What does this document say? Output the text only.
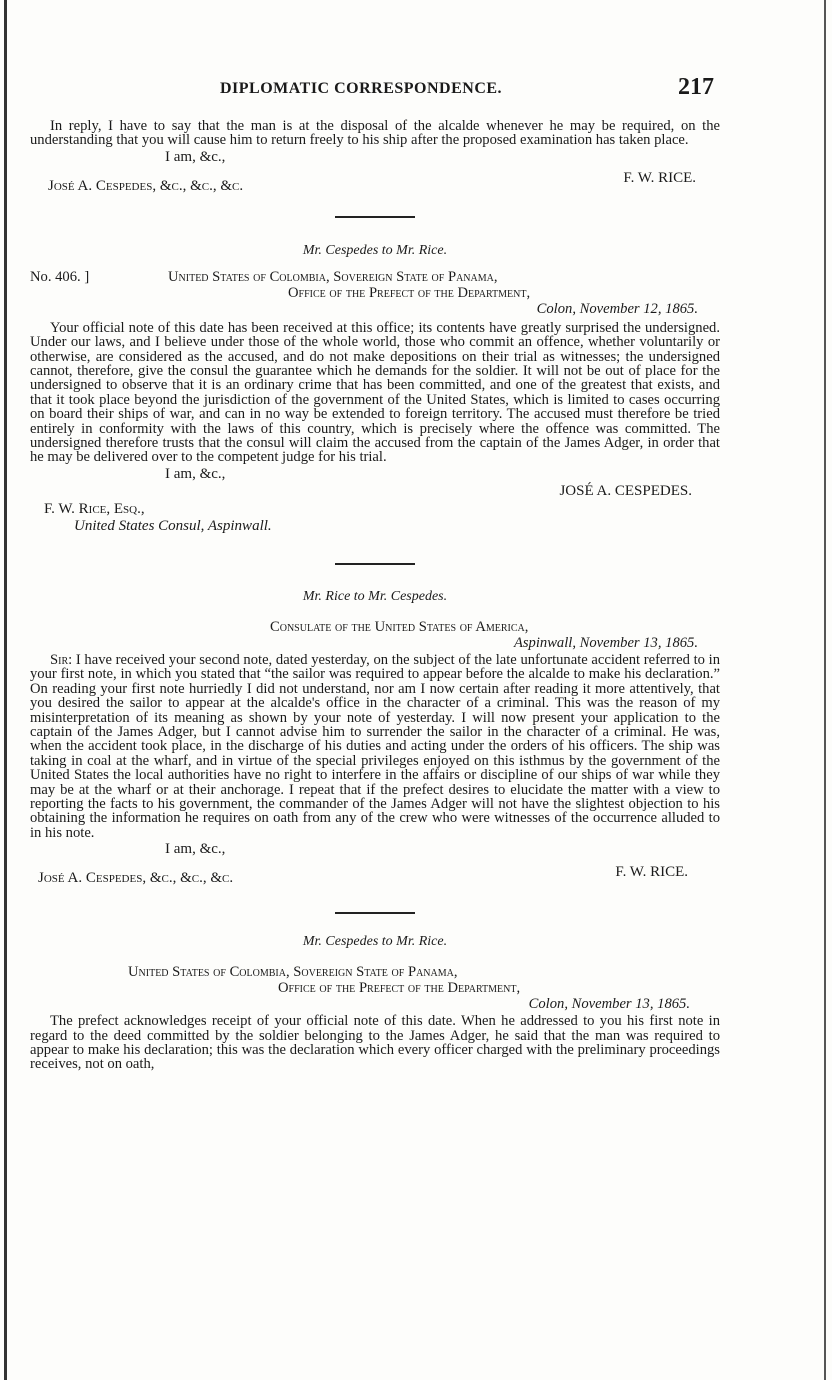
DIPLOMATIC CORRESPONDENCE.	217

In reply, I have to say that the man is at the disposal of the alcalde whenever he may be required, on the understanding that you will cause him to return freely to his ship after the proposed examination has taken place.

I am, &c.,

José A. Cespedes, &c., &c., &c.	F. W. RICE.

Mr. Cespedes to Mr. Rice.

No. 406. ]	United States of Colombia, Sovereign State of Panama,

Office of the Prefect of the Department,

Colon, November 12, 1865.

Your official note of this date has been received at this office; its contents have greatly surprised the undersigned. Under our laws, and I believe under those of the whole world, those who commit an offence, whether voluntarily or otherwise, are considered as the accused, and do not make depositions on their trial as witnesses; the undersigned cannot, therefore, give the consul the guarantee which he demands for the soldier. It will not be out of place for the undersigned to observe that it is an ordinary crime that has been committed, and one of the greatest that exists, and that it took place beyond the jurisdiction of the government of the United States, which is limited to cases occurring on board their ships of war, and can in no way be extended to foreign territory. The accused must therefore be tried entirely in conformity with the laws of this country, which is precisely where the offence was committed. The undersigned therefore trusts that the consul will claim the accused from the captain of the James Adger, in order that he may be delivered over to the competent judge for his trial.

I am, &c.,

JOSÉ A. CESPEDES.

F. W. Rice, Esq.,

United States Consul, Aspinwall.

Mr. Rice to Mr. Cespedes.

Consulate of the United States of America,

Aspinwall, November 13, 1865.

Sir: I have received your second note, dated yesterday, on the subject of the late unfortunate accident referred to in your first note, in which you stated that “the sailor was required to appear before the alcalde to make his declaration.” On reading your first note hurriedly I did not understand, nor am I now certain after reading it more attentively, that you desired the sailor to appear at the alcalde's office in the character of a criminal. This was the reason of my misinterpretation of its meaning as shown by your note of yesterday. I will now present your application to the captain of the James Adger, but I cannot advise him to surrender the sailor in the character of a criminal. He was, when the accident took place, in the discharge of his duties and acting under the orders of his officers. The ship was taking in coal at the wharf, and in virtue of the special privileges enjoyed on this isthmus by the government of the United States the local authorities have no right to interfere in the affairs or discipline of our ships of war while they may be at the wharf or at their anchorage. I repeat that if the prefect desires to elucidate the matter with a view to reporting the facts to his government, the commander of the James Adger will not have the slightest objection to his obtaining the information he requires on oath from any of the crew who were witnesses of the occurrence alluded to in his note.

I am, &c.,

José A. Cespedes, &c., &c., &c.	F. W. RICE.

Mr. Cespedes to Mr. Rice.

United States of Colombia, Sovereign State of Panama,

Office of the Prefect of the Department,

Colon, November 13, 1865.

The prefect acknowledges receipt of your official note of this date. When he addressed to you his first note in regard to the deed committed by the soldier belonging to the James Adger, he said that the man was required to appear to make his declaration; this was the declaration which every officer charged with the preliminary proceedings receives, not on oath,
